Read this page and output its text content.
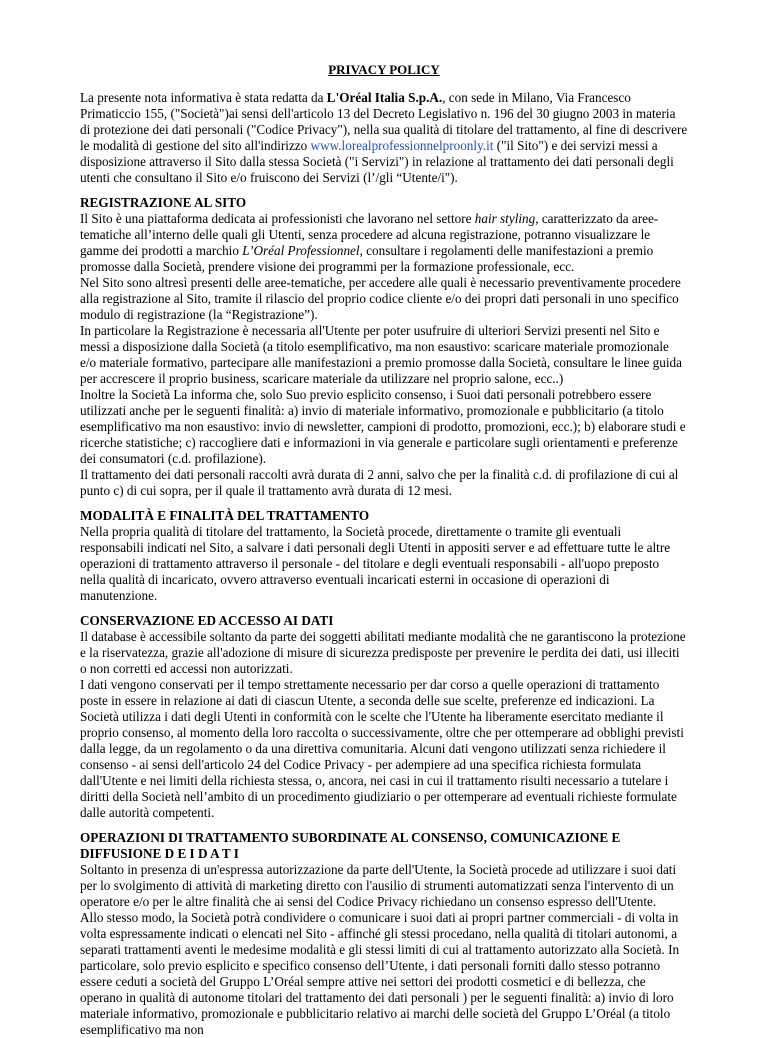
PRIVACY POLICY

La presente nota informativa è stata redatta da L'Oréal Italia S.p.A., con sede in Milano, Via Francesco Primaticcio 155, ("Società")ai sensi dell'articolo 13 del Decreto Legislativo n. 196 del 30 giugno 2003 in materia di protezione dei dati personali ("Codice Privacy"), nella sua qualità di titolare del trattamento, al fine di descrivere le modalità di gestione del sito all'indirizzo www.lorealprofessionnelproonly.it ("il Sito") e dei servizi messi a disposizione attraverso il Sito dalla stessa Società ("i Servizi") in relazione al trattamento dei dati personali degli utenti che consultano il Sito e/o fruiscono dei Servizi (l’/gli “Utente/i").

REGISTRAZIONE AL SITO

Il Sito è una piattaforma dedicata ai professionisti che lavorano nel settore hair styling, caratterizzato da aree- tematiche all’interno delle quali gli Utenti, senza procedere ad alcuna registrazione, potranno visualizzare le gamme dei prodotti a marchio L’Oréal Professionnel, consultare i regolamenti delle manifestazioni a premio promosse dalla Società, prendere visione dei programmi per la formazione professionale, ecc.

Nel Sito sono altresì presenti delle aree-tematiche, per accedere alle quali è necessario preventivamente procedere alla registrazione al Sito, tramite il rilascio del proprio codice cliente e/o dei propri dati personali in uno specifico modulo di registrazione (la “Registrazione”).

In particolare la Registrazione è necessaria all'Utente per poter usufruire di ulteriori Servizi presenti nel Sito e messi a disposizione dalla Società (a titolo esemplificativo, ma non esaustivo: scaricare materiale promozionale e/o materiale formativo, partecipare alle manifestazioni a premio promosse dalla Società, consultare le linee guida per accrescere il proprio business, scaricare materiale da utilizzare nel proprio salone, ecc..)

Inoltre la Società La informa che, solo Suo previo esplicito consenso, i Suoi dati personali potrebbero essere utilizzati anche per le seguenti finalità: a) invio di materiale informativo, promozionale e pubblicitario (a titolo esemplificativo ma non esaustivo: invio di newsletter, campioni di prodotto, promozioni, ecc.); b) elaborare studi e ricerche statistiche; c) raccogliere dati e informazioni in via generale e particolare sugli orientamenti e preferenze dei consumatori (c.d. profilazione).

Il trattamento dei dati personali raccolti avrà durata di 2 anni, salvo che per la finalità c.d. di profilazione di cui al punto c) di cui sopra, per il quale il trattamento avrà durata di 12 mesi.

MODALITÀ E FINALITÀ DEL TRATTAMENTO

Nella propria qualità di titolare del trattamento, la Società procede, direttamente o tramite gli eventuali responsabili indicati nel Sito, a salvare i dati personali degli Utenti in appositi server e ad effettuare tutte le altre operazioni di trattamento attraverso il personale - del titolare e degli eventuali responsabili - all'uopo preposto nella qualità di incaricato, ovvero attraverso eventuali incaricati esterni in occasione di operazioni di manutenzione.

CONSERVAZIONE ED ACCESSO AI DATI

Il database è accessibile soltanto da parte dei soggetti abilitati mediante modalità che ne garantiscono la protezione e la riservatezza, grazie all'adozione di misure di sicurezza predisposte per prevenire le perdita dei dati, usi illeciti o non corretti ed accessi non autorizzati.

I dati vengono conservati per il tempo strettamente necessario per dar corso a quelle operazioni di trattamento poste in essere in relazione ai dati di ciascun Utente, a seconda delle sue scelte, preferenze ed indicazioni. La Società utilizza i dati degli Utenti in conformità con le scelte che l'Utente ha liberamente esercitato mediante il proprio consenso, al momento della loro raccolta o successivamente, oltre che per ottemperare ad obblighi previsti dalla legge, da un regolamento o da una direttiva comunitaria. Alcuni dati vengono utilizzati senza richiedere il consenso - ai sensi dell'articolo 24 del Codice Privacy - per adempiere ad una specifica richiesta formulata dall'Utente e nei limiti della richiesta stessa, o, ancora, nei casi in cui il trattamento risulti necessario a tutelare i diritti della Società nell’ambito di un procedimento giudiziario o per ottemperare ad eventuali richieste formulate dalle autorità competenti.

OPERAZIONI DI TRATTAMENTO SUBORDINATE AL CONSENSO, COMUNICAZIONE E DIFFUSIONE D E I D A T I

Soltanto in presenza di un'espressa autorizzazione da parte dell'Utente, la Società procede ad utilizzare i suoi dati per lo svolgimento di attività di marketing diretto con l'ausilio di strumenti automatizzati senza l'intervento di un operatore e/o per le altre finalità che ai sensi del Codice Privacy richiedano un consenso espresso dell'Utente.

Allo stesso modo, la Società potrà condividere o comunicare i suoi dati ai propri partner commerciali - di volta in volta espressamente indicati o elencati nel Sito - affinché gli stessi procedano, nella qualità di titolari autonomi, a separati trattamenti aventi le medesime modalità e gli stessi limiti di cui al trattamento autorizzato alla Società. In particolare, solo previo esplicito e specifico consenso dell’Utente, i dati personali forniti dallo stesso potranno essere ceduti a società del Gruppo L’Oréal sempre attive nei settori dei prodotti cosmetici e di bellezza, che operano in qualità di autonome titolari del trattamento dei dati personali ) per le seguenti finalità: a) invio di loro materiale informativo, promozionale e pubblicitario relativo ai marchi delle società del Gruppo L’Oréal (a titolo esemplificativo ma non
